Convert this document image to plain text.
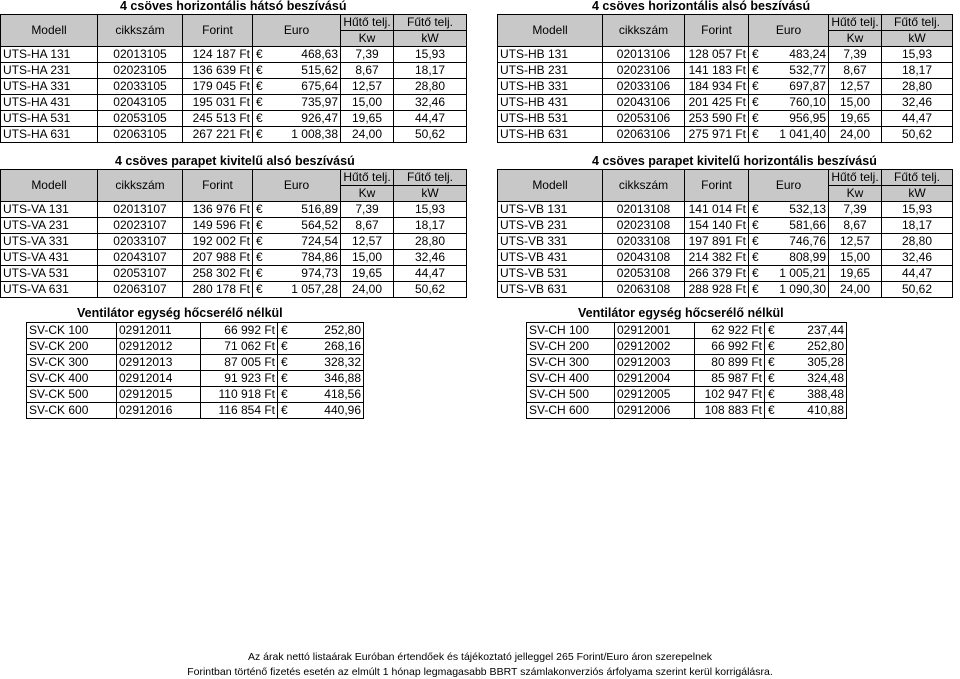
4 csöves horizontális hátsó beszívású
Modell	cikkszám	Forint	Euro	Hűtő telj.	Fűtő telj.
				Kw	kW
UTS-HA 131	02013105	124 187 Ft	€ 468,63	7,39	15,93
UTS-HA 231	02023105	136 639 Ft	€ 515,62	8,67	18,17
UTS-HA 331	02033105	179 045 Ft	€ 675,64	12,57	28,80
UTS-HA 431	02043105	195 031 Ft	€ 735,97	15,00	32,46
UTS-HA 531	02053105	245 513 Ft	€ 926,47	19,65	44,47
UTS-HA 631	02063105	267 221 Ft	€ 1 008,38	24,00	50,62
4 csöves horizontális alsó beszívású
Modell	cikkszám	Forint	Euro	Hűtő telj.	Fűtő telj.
				Kw	kW
UTS-HB 131	02013106	128 057 Ft	€ 483,24	7,39	15,93
UTS-HB 231	02023106	141 183 Ft	€ 532,77	8,67	18,17
UTS-HB 331	02033106	184 934 Ft	€ 697,87	12,57	28,80
UTS-HB 431	02043106	201 425 Ft	€ 760,10	15,00	32,46
UTS-HB 531	02053106	253 590 Ft	€ 956,95	19,65	44,47
UTS-HB 631	02063106	275 971 Ft	€ 1 041,40	24,00	50,62
4 csöves parapet kivitelű alsó beszívású
Modell	cikkszám	Forint	Euro	Hűtő telj.	Fűtő telj.
				Kw	kW
UTS-VA 131	02013107	136 976 Ft	€ 516,89	7,39	15,93
UTS-VA 231	02023107	149 596 Ft	€ 564,52	8,67	18,17
UTS-VA 331	02033107	192 002 Ft	€ 724,54	12,57	28,80
UTS-VA 431	02043107	207 988 Ft	€ 784,86	15,00	32,46
UTS-VA 531	02053107	258 302 Ft	€ 974,73	19,65	44,47
UTS-VA 631	02063107	280 178 Ft	€ 1 057,28	24,00	50,62
4 csöves parapet kivitelű horizontális beszívású
Modell	cikkszám	Forint	Euro	Hűtő telj.	Fűtő telj.
				Kw	kW
UTS-VB 131	02013108	141 014 Ft	€ 532,13	7,39	15,93
UTS-VB 231	02023108	154 140 Ft	€ 581,66	8,67	18,17
UTS-VB 331	02033108	197 891 Ft	€ 746,76	12,57	28,80
UTS-VB 431	02043108	214 382 Ft	€ 808,99	15,00	32,46
UTS-VB 531	02053108	266 379 Ft	€ 1 005,21	19,65	44,47
UTS-VB 631	02063108	288 928 Ft	€ 1 090,30	24,00	50,62
Ventilátor egység hőcserélő nélkül
SV-CK 100	02912011	66 992 Ft	€ 252,80
SV-CK 200	02912012	71 062 Ft	€ 268,16
SV-CK 300	02912013	87 005 Ft	€ 328,32
SV-CK 400	02912014	91 923 Ft	€ 346,88
SV-CK 500	02912015	110 918 Ft	€ 418,56
SV-CK 600	02912016	116 854 Ft	€ 440,96
Ventilátor egység hőcserélő nélkül
SV-CH 100	02912001	62 922 Ft	€ 237,44
SV-CH 200	02912002	66 992 Ft	€ 252,80
SV-CH 300	02912003	80 899 Ft	€ 305,28
SV-CH 400	02912004	85 987 Ft	€ 324,48
SV-CH 500	02912005	102 947 Ft	€ 388,48
SV-CH 600	02912006	108 883 Ft	€ 410,88
Az árak nettó listaárak Euróban értendőek és tájékoztató jelleggel 265 Forint/Euro áron szerepelnek
Forintban történő fizetés esetén az elmúlt 1 hónap legmagasabb BBRT számlakonverziós árfolyama szerint kerül korrigálásra.
